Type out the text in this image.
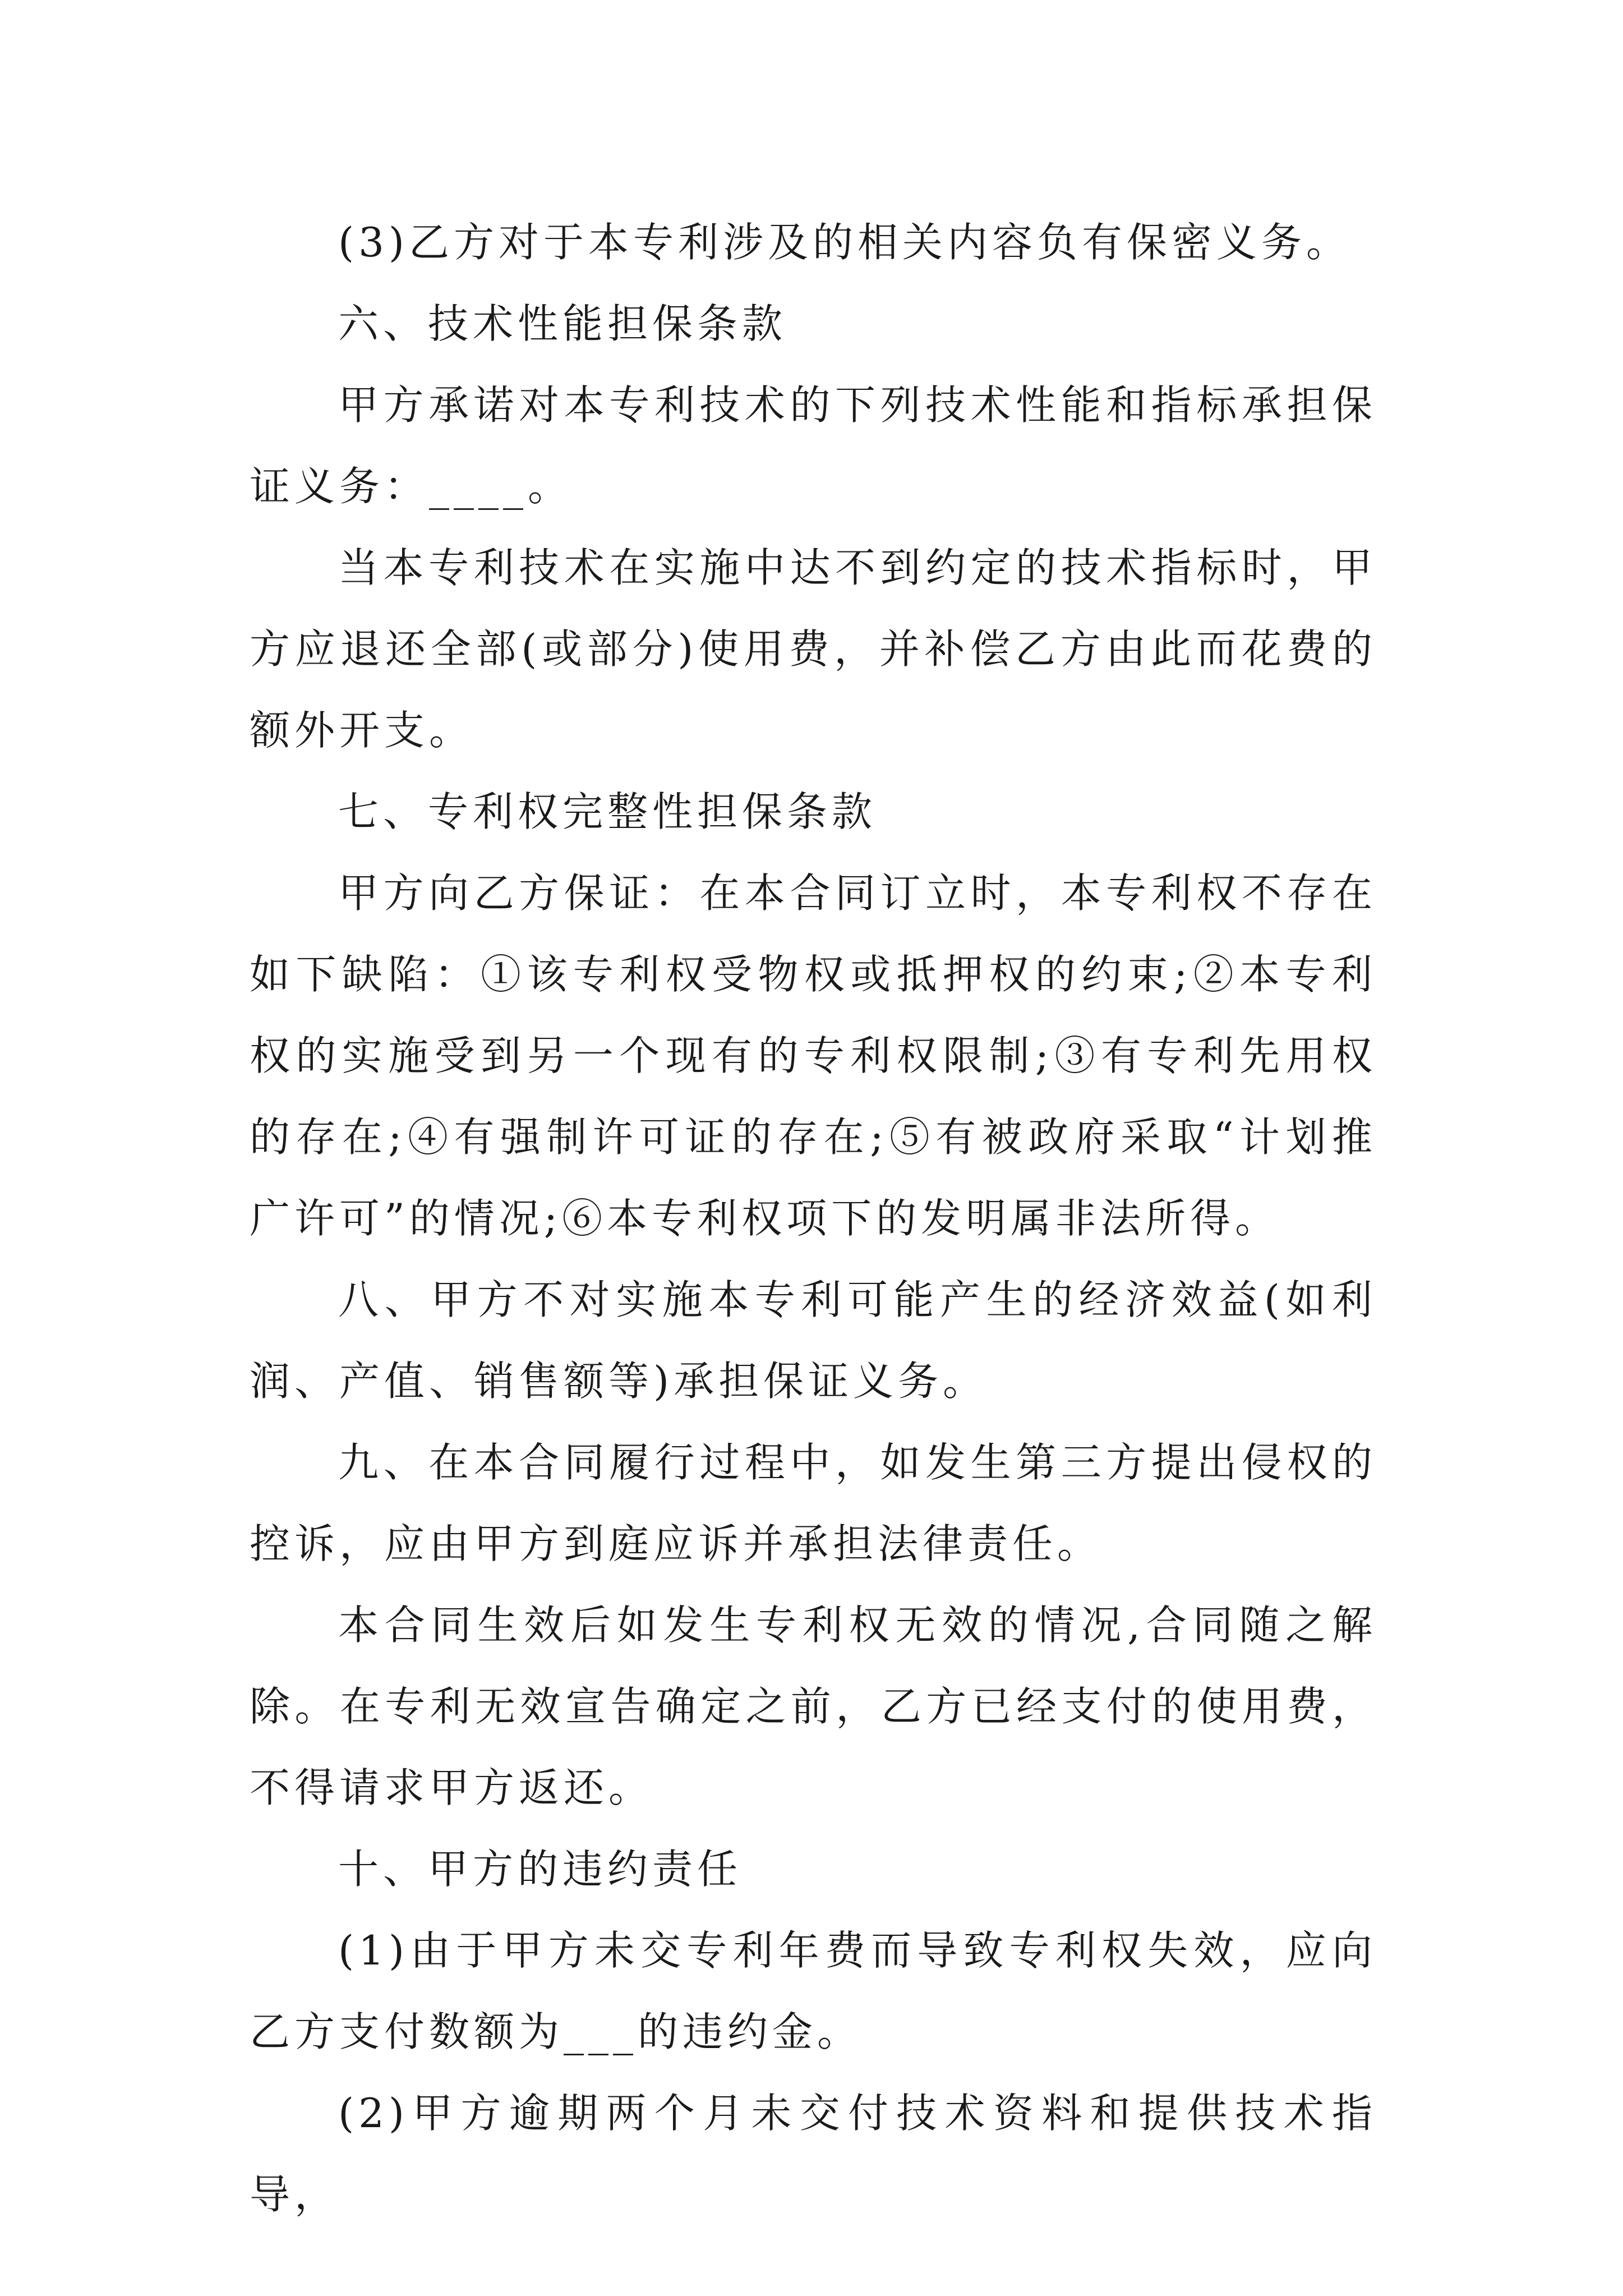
(3)乙方对于本专利涉及的相关内容负有保密义务。

六、技术性能担保条款

甲方承诺对本专利技术的下列技术性能和指标承担保证义务：____。

当本专利技术在实施中达不到约定的技术指标时，甲方应退还全部(或部分)使用费，并补偿乙方由此而花费的额外开支。

七、专利权完整性担保条款

甲方向乙方保证：在本合同订立时，本专利权不存在如下缺陷：①该专利权受物权或抵押权的约束;②本专利权的实施受到另一个现有的专利权限制;③有专利先用权的存在;④有强制许可证的存在;⑤有被政府采取“计划推广许可”的情况;⑥本专利权项下的发明属非法所得。

八、甲方不对实施本专利可能产生的经济效益(如利润、产值、销售额等)承担保证义务。

九、在本合同履行过程中，如发生第三方提出侵权的控诉，应由甲方到庭应诉并承担法律责任。

本合同生效后如发生专利权无效的情况,合同随之解除。在专利无效宣告确定之前，乙方已经支付的使用费，不得请求甲方返还。

十、甲方的违约责任

(1)由于甲方未交专利年费而导致专利权失效，应向乙方支付数额为___的违约金。

(2)甲方逾期两个月未交付技术资料和提供技术指导，
